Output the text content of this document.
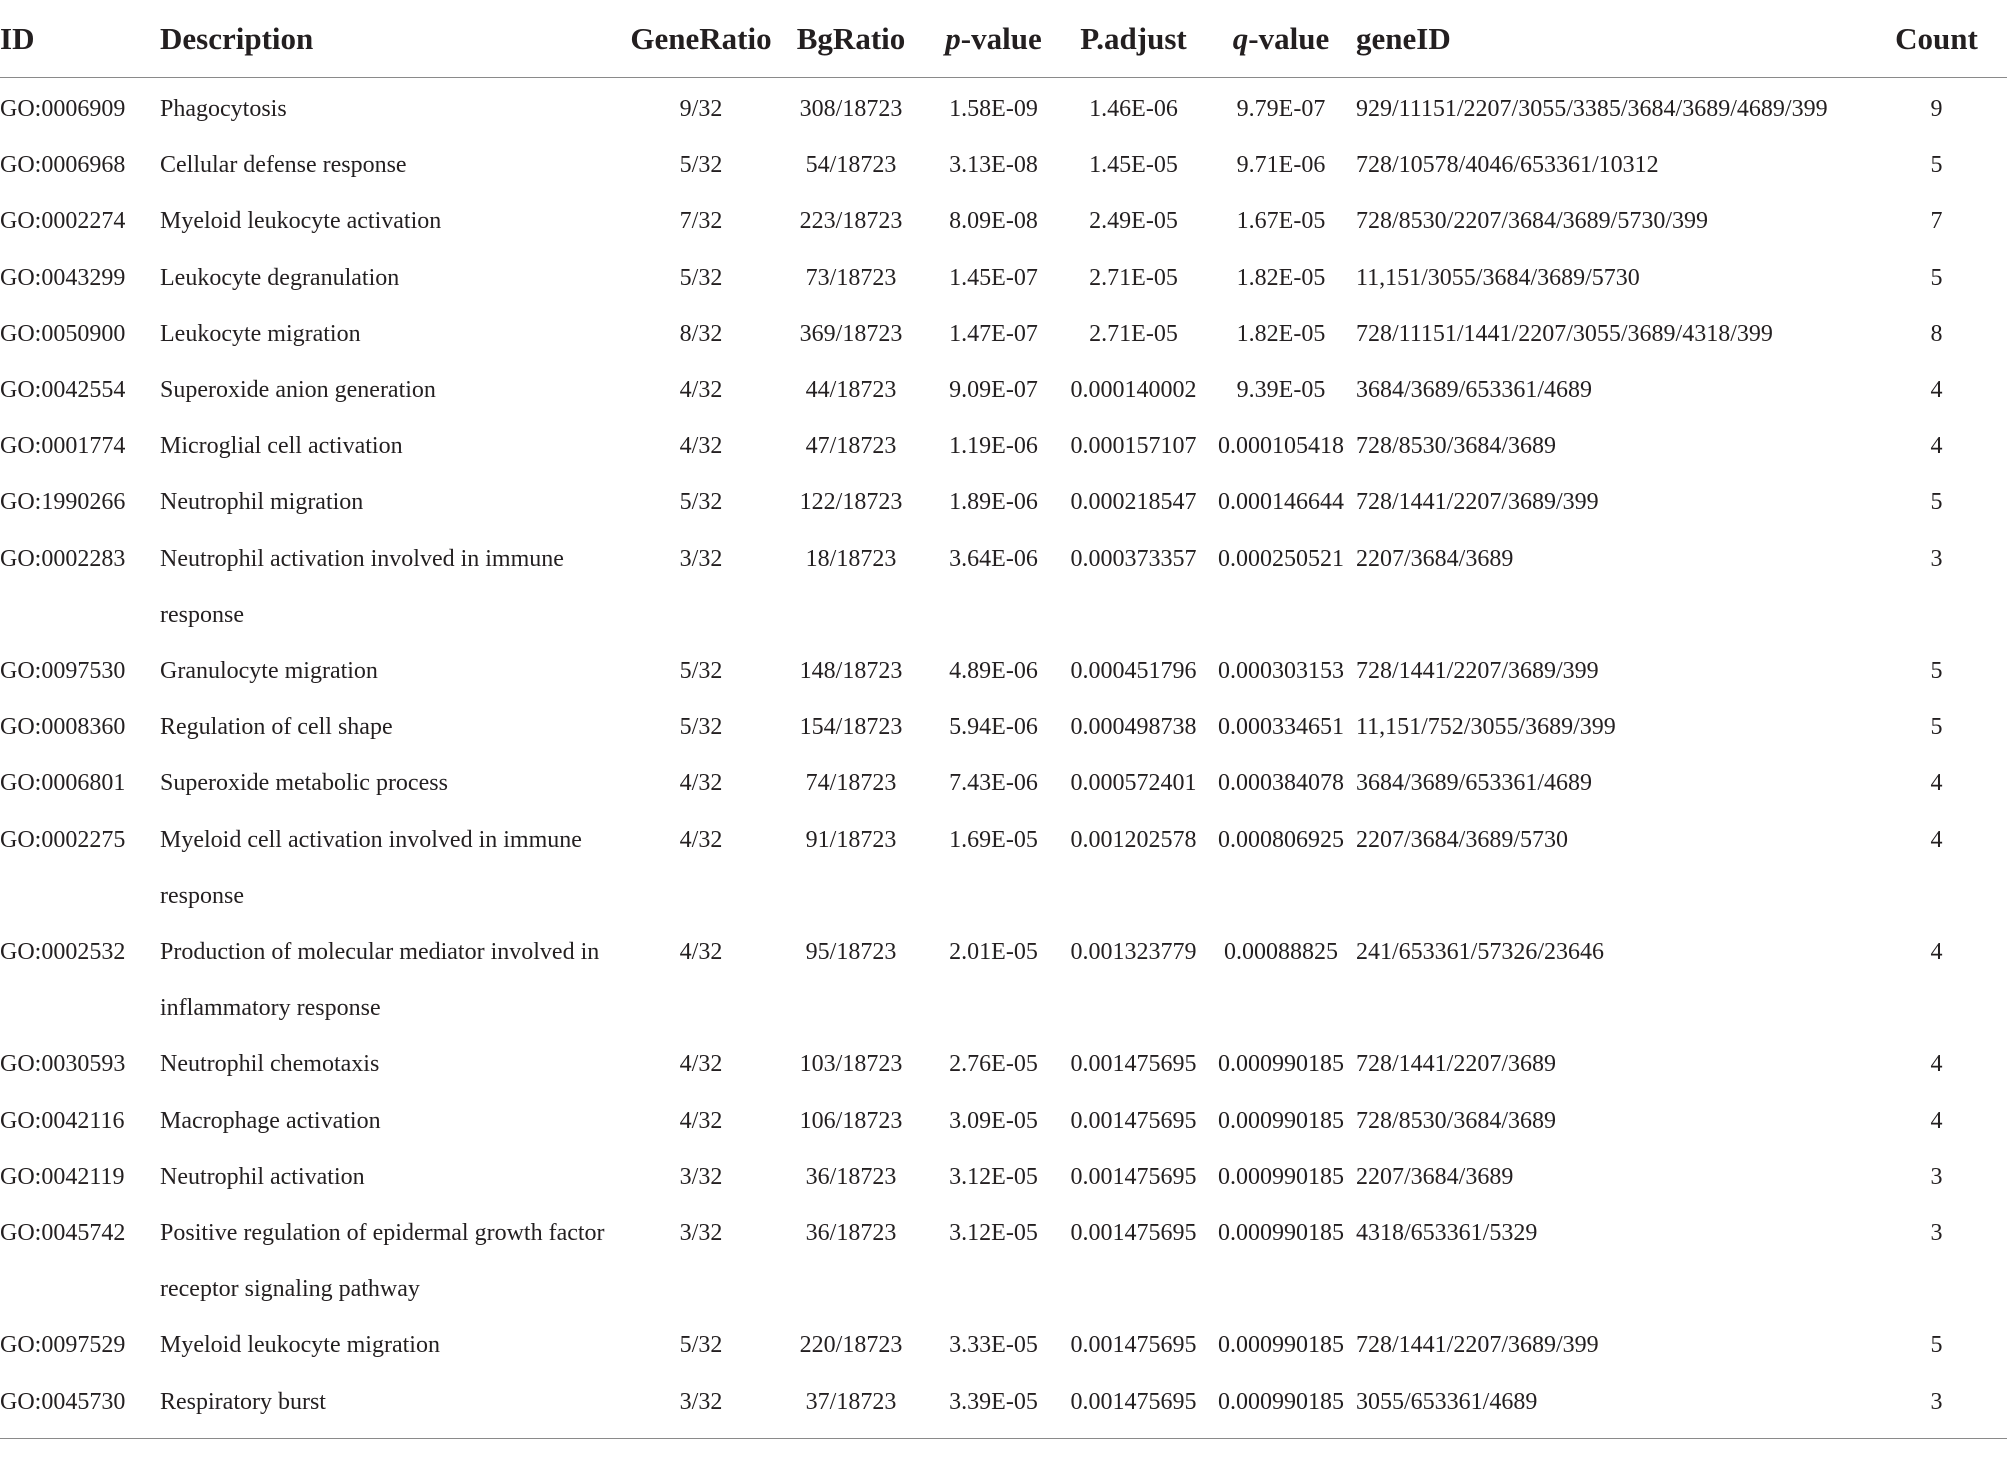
ID	Description	GeneRatio	BgRatio	p-value	P.adjust	q-value	geneID	Count
GO:0006909	Phagocytosis	9/32	308/18723	1.58E-09	1.46E-06	9.79E-07	929/11151/2207/3055/3385/3684/3689/4689/399	9
GO:0006968	Cellular defense response	5/32	54/18723	3.13E-08	1.45E-05	9.71E-06	728/10578/4046/653361/10312	5
GO:0002274	Myeloid leukocyte activation	7/32	223/18723	8.09E-08	2.49E-05	1.67E-05	728/8530/2207/3684/3689/5730/399	7
GO:0043299	Leukocyte degranulation	5/32	73/18723	1.45E-07	2.71E-05	1.82E-05	11,151/3055/3684/3689/5730	5
GO:0050900	Leukocyte migration	8/32	369/18723	1.47E-07	2.71E-05	1.82E-05	728/11151/1441/2207/3055/3689/4318/399	8
GO:0042554	Superoxide anion generation	4/32	44/18723	9.09E-07	0.000140002	9.39E-05	3684/3689/653361/4689	4
GO:0001774	Microglial cell activation	4/32	47/18723	1.19E-06	0.000157107	0.000105418	728/8530/3684/3689	4
GO:1990266	Neutrophil migration	5/32	122/18723	1.89E-06	0.000218547	0.000146644	728/1441/2207/3689/399	5
GO:0002283	Neutrophil activation involved in immune response	3/32	18/18723	3.64E-06	0.000373357	0.000250521	2207/3684/3689	3
GO:0097530	Granulocyte migration	5/32	148/18723	4.89E-06	0.000451796	0.000303153	728/1441/2207/3689/399	5
GO:0008360	Regulation of cell shape	5/32	154/18723	5.94E-06	0.000498738	0.000334651	11,151/752/3055/3689/399	5
GO:0006801	Superoxide metabolic process	4/32	74/18723	7.43E-06	0.000572401	0.000384078	3684/3689/653361/4689	4
GO:0002275	Myeloid cell activation involved in immune response	4/32	91/18723	1.69E-05	0.001202578	0.000806925	2207/3684/3689/5730	4
GO:0002532	Production of molecular mediator involved in inflammatory response	4/32	95/18723	2.01E-05	0.001323779	0.00088825	241/653361/57326/23646	4
GO:0030593	Neutrophil chemotaxis	4/32	103/18723	2.76E-05	0.001475695	0.000990185	728/1441/2207/3689	4
GO:0042116	Macrophage activation	4/32	106/18723	3.09E-05	0.001475695	0.000990185	728/8530/3684/3689	4
GO:0042119	Neutrophil activation	3/32	36/18723	3.12E-05	0.001475695	0.000990185	2207/3684/3689	3
GO:0045742	Positive regulation of epidermal growth factor receptor signaling pathway	3/32	36/18723	3.12E-05	0.001475695	0.000990185	4318/653361/5329	3
GO:0097529	Myeloid leukocyte migration	5/32	220/18723	3.33E-05	0.001475695	0.000990185	728/1441/2207/3689/399	5
GO:0045730	Respiratory burst	3/32	37/18723	3.39E-05	0.001475695	0.000990185	3055/653361/4689	3
